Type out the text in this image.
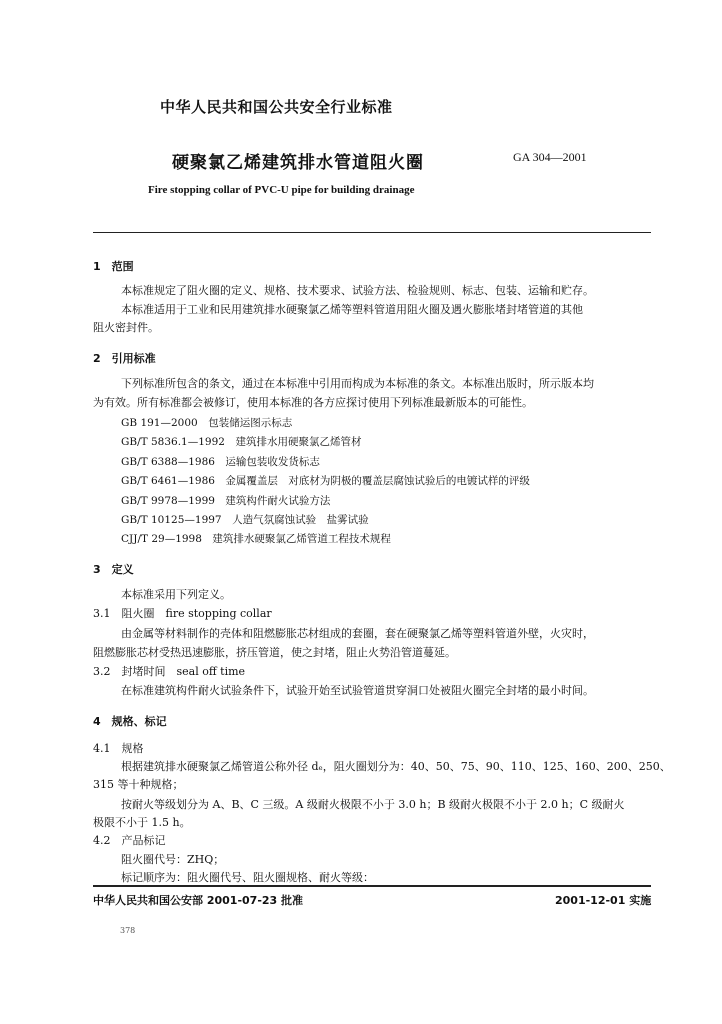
中华人民共和国公共安全行业标准
硬聚氯乙烯建筑排水管道阻火圈	GA 304—2001
Fire stopping collar of PVC-U pipe for building drainage
1　范围
本标准规定了阻火圈的定义、规格、技术要求、试验方法、检验规则、标志、包装、运输和贮存。
本标准适用于工业和民用建筑排水硬聚氯乙烯等塑料管道用阻火圈及遇火膨胀堵封堵管道的其他
阻火密封件。
2　引用标准
下列标准所包含的条文，通过在本标准中引用而构成为本标准的条文。本标准出版时，所示版本均
为有效。所有标准都会被修订，使用本标准的各方应探讨使用下列标准最新版本的可能性。
GB 191—2000　包装储运图示标志
GB/T 5836.1—1992　建筑排水用硬聚氯乙烯管材
GB/T 6388—1986　运输包装收发货标志
GB/T 6461—1986　金属覆盖层　对底材为阴极的覆盖层腐蚀试验后的电镀试样的评级
GB/T 9978—1999　建筑构件耐火试验方法
GB/T 10125—1997　人造气氛腐蚀试验　盐雾试验
CJJ/T 29—1998　建筑排水硬聚氯乙烯管道工程技术规程
3　定义
本标准采用下列定义。
3.1　阻火圈　fire stopping collar
由金属等材料制作的壳体和阻燃膨胀芯材组成的套圈，套在硬聚氯乙烯等塑料管道外壁，火灾时，
阻燃膨胀芯材受热迅速膨胀，挤压管道，使之封堵，阻止火势沿管道蔓延。
3.2　封堵时间　seal off time
在标准建筑构件耐火试验条件下，试验开始至试验管道贯穿洞口处被阻火圈完全封堵的最小时间。
4　规格、标记
4.1　规格
根据建筑排水硬聚氯乙烯管道公称外径 dₑ，阻火圈划分为：40、50、75、90、110、125、160、200、250、
315 等十种规格；
按耐火等级划分为 A、B、C 三级。A 级耐火极限不小于 3.0 h；B 级耐火极限不小于 2.0 h；C 级耐火
极限不小于 1.5 h。
4.2　产品标记
阻火圈代号：ZHQ；
标记顺序为：阻火圈代号、阻火圈规格、耐火等级：
中华人民共和国公安部 2001-07-23 批准	2001-12-01 实施
378
